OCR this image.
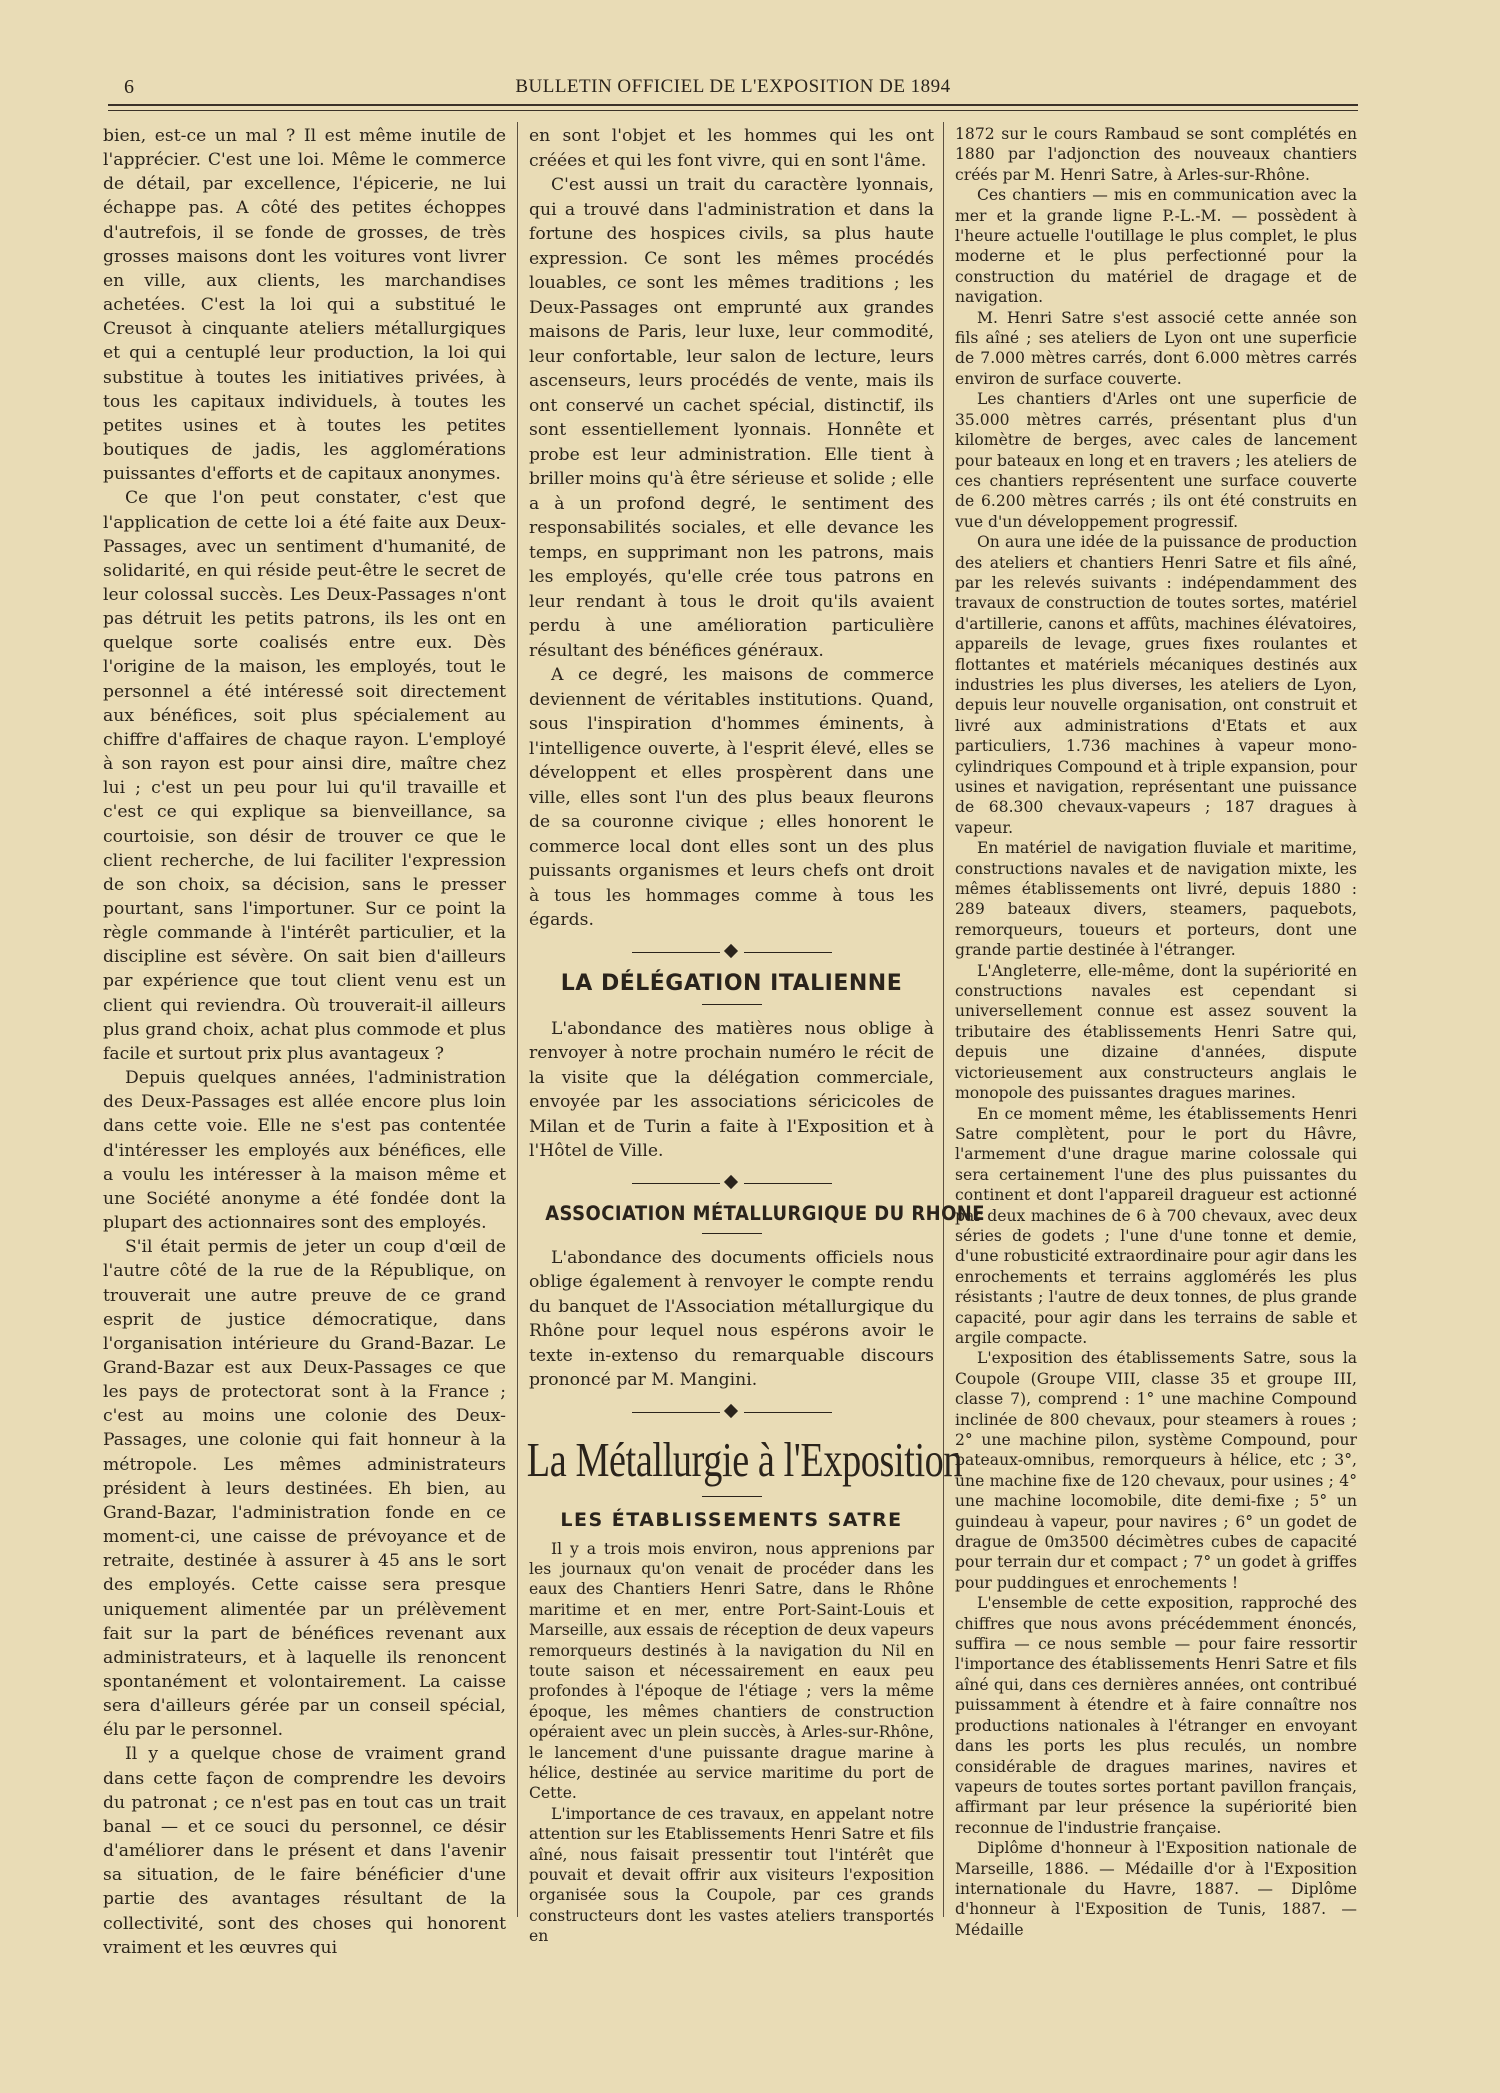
6	BULLETIN OFFICIEL DE L'EXPOSITION DE 1894

bien, est-ce un mal ? Il est même inutile de l'apprécier. C'est une loi. Même le commerce de détail, par excellence, l'épicerie, ne lui échappe pas. A côté des petites échoppes d'autrefois, il se fonde de grosses, de très grosses maisons dont les voitures vont livrer en ville, aux clients, les marchandises achetées. C'est la loi qui a substitué le Creusot à cinquante ateliers métallurgiques et qui a centuplé leur production, la loi qui substitue à toutes les initiatives privées, à tous les capitaux individuels, à toutes les petites usines et à toutes les petites boutiques de jadis, les agglomérations puissantes d'efforts et de capitaux anonymes.

Ce que l'on peut constater, c'est que l'application de cette loi a été faite aux Deux-Passages, avec un sentiment d'humanité, de solidarité, en qui réside peut-être le secret de leur colossal succès. Les Deux-Passages n'ont pas détruit les petits patrons, ils les ont en quelque sorte coalisés entre eux. Dès l'origine de la maison, les employés, tout le personnel a été intéressé soit directement aux bénéfices, soit plus spécialement au chiffre d'affaires de chaque rayon. L'employé à son rayon est pour ainsi dire, maître chez lui ; c'est un peu pour lui qu'il travaille et c'est ce qui explique sa bienveillance, sa courtoisie, son désir de trouver ce que le client recherche, de lui faciliter l'expression de son choix, sa décision, sans le presser pourtant, sans l'importuner. Sur ce point la règle commande à l'intérêt particulier, et la discipline est sévère. On sait bien d'ailleurs par expérience que tout client venu est un client qui reviendra. Où trouverait-il ailleurs plus grand choix, achat plus commode et plus facile et surtout prix plus avantageux ?

Depuis quelques années, l'administration des Deux-Passages est allée encore plus loin dans cette voie. Elle ne s'est pas contentée d'intéresser les employés aux bénéfices, elle a voulu les intéresser à la maison même et une Société anonyme a été fondée dont la plupart des actionnaires sont des employés.

S'il était permis de jeter un coup d'œil de l'autre côté de la rue de la République, on trouverait une autre preuve de ce grand esprit de justice démocratique, dans l'organisation intérieure du Grand-Bazar. Le Grand-Bazar est aux Deux-Passages ce que les pays de protectorat sont à la France ; c'est au moins une colonie des Deux-Passages, une colonie qui fait honneur à la métropole. Les mêmes administrateurs président à leurs destinées. Eh bien, au Grand-Bazar, l'administration fonde en ce moment-ci, une caisse de prévoyance et de retraite, destinée à assurer à 45 ans le sort des employés. Cette caisse sera presque uniquement alimentée par un prélèvement fait sur la part de bénéfices revenant aux administrateurs, et à laquelle ils renoncent spontanément et volontairement. La caisse sera d'ailleurs gérée par un conseil spécial, élu par le personnel.

Il y a quelque chose de vraiment grand dans cette façon de comprendre les devoirs du patronat ; ce n'est pas en tout cas un trait banal — et ce souci du personnel, ce désir d'améliorer dans le présent et dans l'avenir sa situation, de le faire bénéficier d'une partie des avantages résultant de la collectivité, sont des choses qui honorent vraiment et les œuvres qui

en sont l'objet et les hommes qui les ont créées et qui les font vivre, qui en sont l'âme.

C'est aussi un trait du caractère lyonnais, qui a trouvé dans l'administration et dans la fortune des hospices civils, sa plus haute expression. Ce sont les mêmes procédés louables, ce sont les mêmes traditions ; les Deux-Passages ont emprunté aux grandes maisons de Paris, leur luxe, leur commodité, leur confortable, leur salon de lecture, leurs ascenseurs, leurs procédés de vente, mais ils ont conservé un cachet spécial, distinctif, ils sont essentiellement lyonnais. Honnête et probe est leur administration. Elle tient à briller moins qu'à être sérieuse et solide ; elle a à un profond degré, le sentiment des responsabilités sociales, et elle devance les temps, en supprimant non les patrons, mais les employés, qu'elle crée tous patrons en leur rendant à tous le droit qu'ils avaient perdu à une amélioration particulière résultant des bénéfices généraux.

A ce degré, les maisons de commerce deviennent de véritables institutions. Quand, sous l'inspiration d'hommes éminents, à l'intelligence ouverte, à l'esprit élevé, elles se développent et elles prospèrent dans une ville, elles sont l'un des plus beaux fleurons de sa couronne civique ; elles honorent le commerce local dont elles sont un des plus puissants organismes et leurs chefs ont droit à tous les hommages comme à tous les égards.

LA DÉLÉGATION ITALIENNE

L'abondance des matières nous oblige à renvoyer à notre prochain numéro le récit de la visite que la délégation commerciale, envoyée par les associations séricicoles de Milan et de Turin a faite à l'Exposition et à l'Hôtel de Ville.

ASSOCIATION MÉTALLURGIQUE DU RHONE

L'abondance des documents officiels nous oblige également à renvoyer le compte rendu du banquet de l'Association métallurgique du Rhône pour lequel nous espérons avoir le texte in-extenso du remarquable discours prononcé par M. Mangini.

La Métallurgie à l'Exposition
LES ÉTABLISSEMENTS SATRE

Il y a trois mois environ, nous apprenions par les journaux qu'on venait de procéder dans les eaux des Chantiers Henri Satre, dans le Rhône maritime et en mer, entre Port-Saint-Louis et Marseille, aux essais de réception de deux vapeurs remorqueurs destinés à la navigation du Nil en toute saison et nécessairement en eaux peu profondes à l'époque de l'étiage ; vers la même époque, les mêmes chantiers de construction opéraient avec un plein succès, à Arles-sur-Rhône, le lancement d'une puissante drague marine à hélice, destinée au service maritime du port de Cette.

L'importance de ces travaux, en appelant notre attention sur les Etablissements Henri Satre et fils aîné, nous faisait pressentir tout l'intérêt que pouvait et devait offrir aux visiteurs l'exposition organisée sous la Coupole, par ces grands constructeurs dont les vastes ateliers transportés en

1872 sur le cours Rambaud se sont complétés en 1880 par l'adjonction des nouveaux chantiers créés par M. Henri Satre, à Arles-sur-Rhône.

Ces chantiers — mis en communication avec la mer et la grande ligne P.-L.-M. — possèdent à l'heure actuelle l'outillage le plus complet, le plus moderne et le plus perfectionné pour la construction du matériel de dragage et de navigation.

M. Henri Satre s'est associé cette année son fils aîné ; ses ateliers de Lyon ont une superficie de 7.000 mètres carrés, dont 6.000 mètres carrés environ de surface couverte.

Les chantiers d'Arles ont une superficie de 35.000 mètres carrés, présentant plus d'un kilomètre de berges, avec cales de lancement pour bateaux en long et en travers ; les ateliers de ces chantiers représentent une surface couverte de 6.200 mètres carrés ; ils ont été construits en vue d'un développement progressif.

On aura une idée de la puissance de production des ateliers et chantiers Henri Satre et fils aîné, par les relevés suivants : indépendamment des travaux de construction de toutes sortes, matériel d'artillerie, canons et affûts, machines élévatoires, appareils de levage, grues fixes roulantes et flottantes et matériels mécaniques destinés aux industries les plus diverses, les ateliers de Lyon, depuis leur nouvelle organisation, ont construit et livré aux administrations d'Etats et aux particuliers, 1.736 machines à vapeur mono-cylindriques Compound et à triple expansion, pour usines et navigation, représentant une puissance de 68.300 chevaux-vapeurs ; 187 dragues à vapeur.

En matériel de navigation fluviale et maritime, constructions navales et de navigation mixte, les mêmes établissements ont livré, depuis 1880 : 289 bateaux divers, steamers, paquebots, remorqueurs, toueurs et porteurs, dont une grande partie destinée à l'étranger.

L'Angleterre, elle-même, dont la supériorité en constructions navales est cependant si universellement connue est assez souvent la tributaire des établissements Henri Satre qui, depuis une dizaine d'années, dispute victorieusement aux constructeurs anglais le monopole des puissantes dragues marines.

En ce moment même, les établissements Henri Satre complètent, pour le port du Hâvre, l'armement d'une drague marine colossale qui sera certainement l'une des plus puissantes du continent et dont l'appareil dragueur est actionné par deux machines de 6 à 700 chevaux, avec deux séries de godets ; l'une d'une tonne et demie, d'une robusticité extraordinaire pour agir dans les enrochements et terrains agglomérés les plus résistants ; l'autre de deux tonnes, de plus grande capacité, pour agir dans les terrains de sable et argile compacte.

L'exposition des établissements Satre, sous la Coupole (Groupe VIII, classe 35 et groupe III, classe 7), comprend : 1° une machine Compound inclinée de 800 chevaux, pour steamers à roues ; 2° une machine pilon, système Compound, pour bateaux-omnibus, remorqueurs à hélice, etc ; 3°, une machine fixe de 120 chevaux, pour usines ; 4° une machine locomobile, dite demi-fixe ; 5° un guindeau à vapeur, pour navires ; 6° un godet de drague de 0m3500 décimètres cubes de capacité pour terrain dur et compact ; 7° un godet à griffes pour puddingues et enrochements !

L'ensemble de cette exposition, rapproché des chiffres que nous avons précédemment énoncés, suffira — ce nous semble — pour faire ressortir l'importance des établissements Henri Satre et fils aîné qui, dans ces dernières années, ont contribué puissamment à étendre et à faire connaître nos productions nationales à l'étranger en envoyant dans les ports les plus reculés, un nombre considérable de dragues marines, navires et vapeurs de toutes sortes portant pavillon français, affirmant par leur présence la supériorité bien reconnue de l'industrie française.

Diplôme d'honneur à l'Exposition nationale de Marseille, 1886. — Médaille d'or à l'Exposition internationale du Havre, 1887. — Diplôme d'honneur à l'Exposition de Tunis, 1887. — Médaille
